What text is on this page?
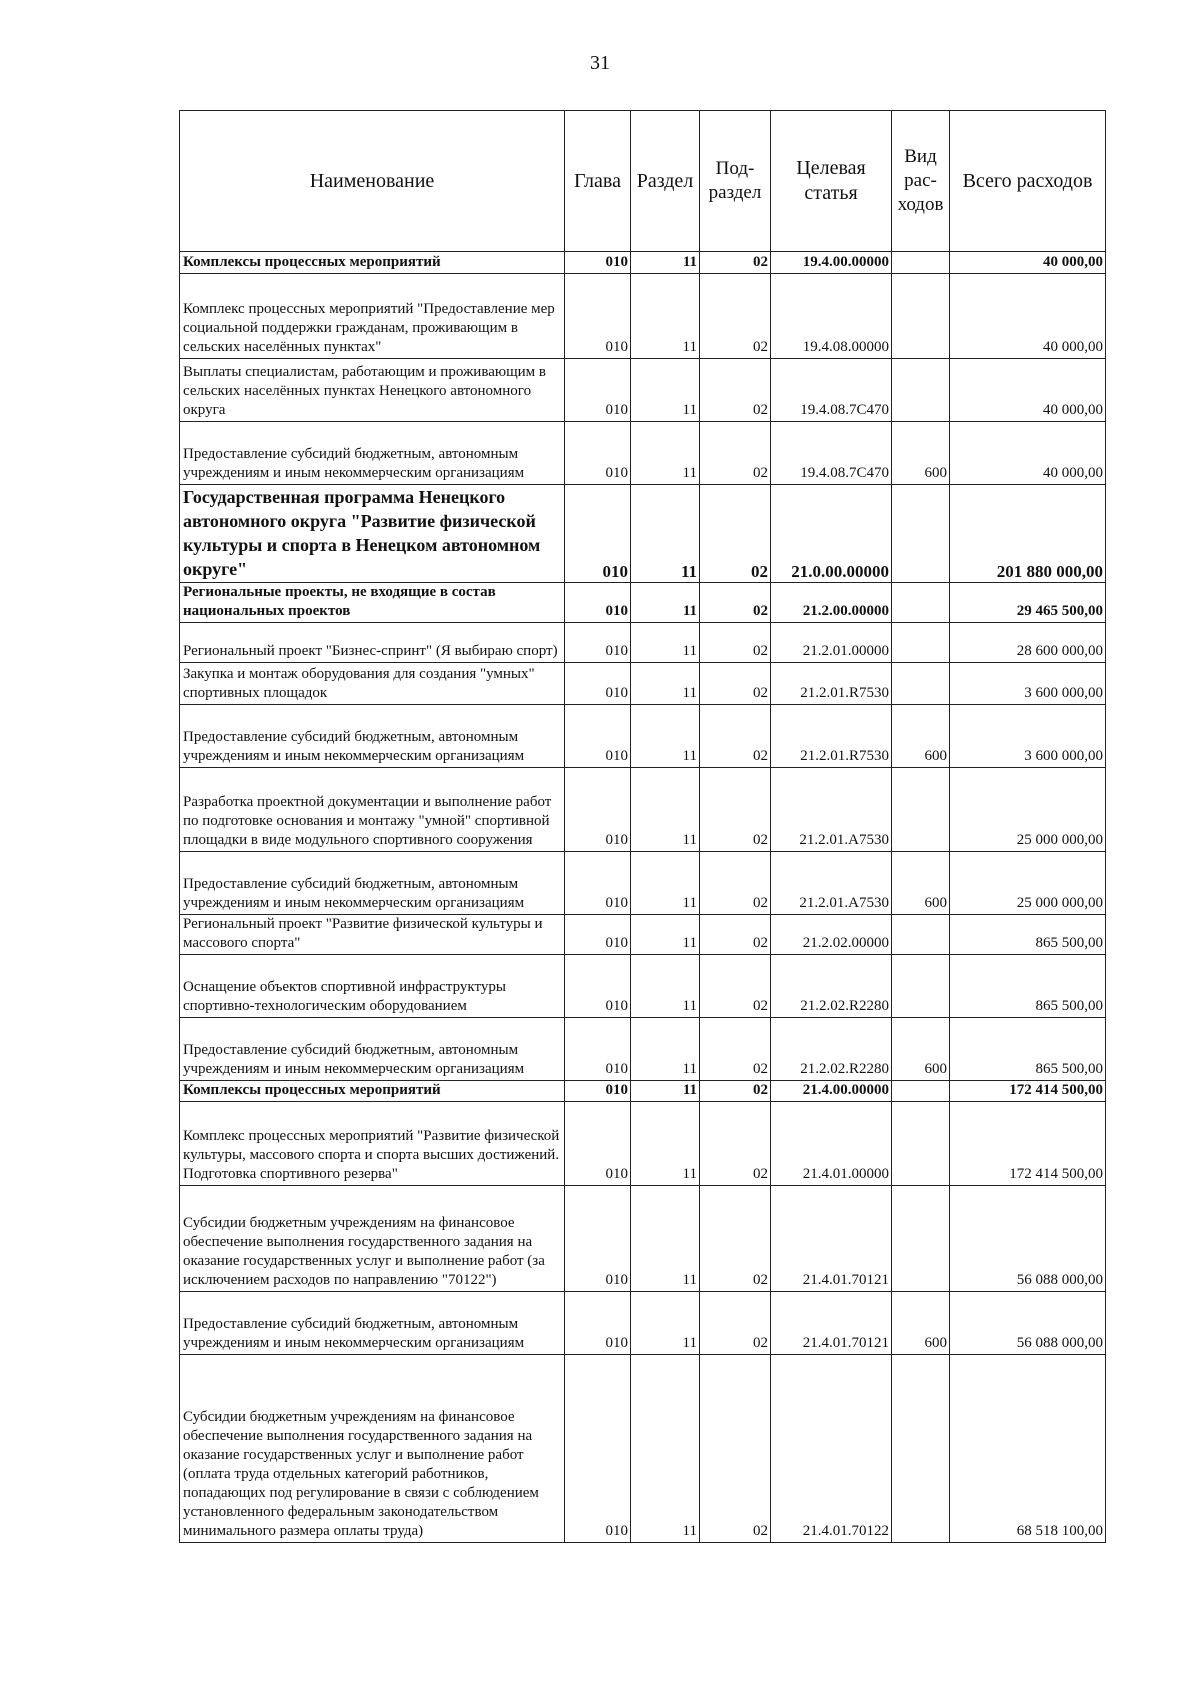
31
Наименование	Глава	Раздел	Под-раздел	Целевая статья	Вид рас-ходов	Всего расходов
Комплексы процессных мероприятий	010	11	02	19.4.00.00000		40 000,00
Комплекс процессных мероприятий "Предоставление мер социальной поддержки гражданам, проживающим в сельских населённых пунктах"	010	11	02	19.4.08.00000		40 000,00
Выплаты специалистам, работающим и проживающим в сельских населённых пунктах Ненецкого автономного округа	010	11	02	19.4.08.7С470		40 000,00
Предоставление субсидий бюджетным, автономным учреждениям и иным некоммерческим организациям	010	11	02	19.4.08.7С470	600	40 000,00
Государственная программа Ненецкого автономного округа "Развитие физической культуры и спорта в Ненецком автономном округе"	010	11	02	21.0.00.00000		201 880 000,00
Региональные проекты, не входящие в состав национальных проектов	010	11	02	21.2.00.00000		29 465 500,00
Региональный проект "Бизнес-спринт" (Я выбираю спорт)	010	11	02	21.2.01.00000		28 600 000,00
Закупка и монтаж оборудования для создания "умных" спортивных площадок	010	11	02	21.2.01.R7530		3 600 000,00
Предоставление субсидий бюджетным, автономным учреждениям и иным некоммерческим организациям	010	11	02	21.2.01.R7530	600	3 600 000,00
Разработка проектной документации и выполнение работ по подготовке основания и монтажу "умной" спортивной площадки в виде модульного спортивного сооружения	010	11	02	21.2.01.А7530		25 000 000,00
Предоставление субсидий бюджетным, автономным учреждениям и иным некоммерческим организациям	010	11	02	21.2.01.А7530	600	25 000 000,00
Региональный проект "Развитие физической культуры и массового спорта"	010	11	02	21.2.02.00000		865 500,00
Оснащение объектов спортивной инфраструктуры спортивно-технологическим оборудованием	010	11	02	21.2.02.R2280		865 500,00
Предоставление субсидий бюджетным, автономным учреждениям и иным некоммерческим организациям	010	11	02	21.2.02.R2280	600	865 500,00
Комплексы процессных мероприятий	010	11	02	21.4.00.00000		172 414 500,00
Комплекс процессных мероприятий "Развитие физической культуры, массового спорта и спорта высших достижений. Подготовка спортивного резерва"	010	11	02	21.4.01.00000		172 414 500,00
Субсидии бюджетным учреждениям на финансовое обеспечение выполнения государственного задания на оказание государственных услуг и выполнение работ (за исключением расходов по направлению "70122")	010	11	02	21.4.01.70121		56 088 000,00
Предоставление субсидий бюджетным, автономным учреждениям и иным некоммерческим организациям	010	11	02	21.4.01.70121	600	56 088 000,00
Субсидии бюджетным учреждениям на финансовое обеспечение выполнения государственного задания на оказание государственных услуг и выполнение работ (оплата труда отдельных категорий работников, попадающих под регулирование в связи с соблюдением установленного федеральным законодательством минимального размера оплаты труда)	010	11	02	21.4.01.70122		68 518 100,00
